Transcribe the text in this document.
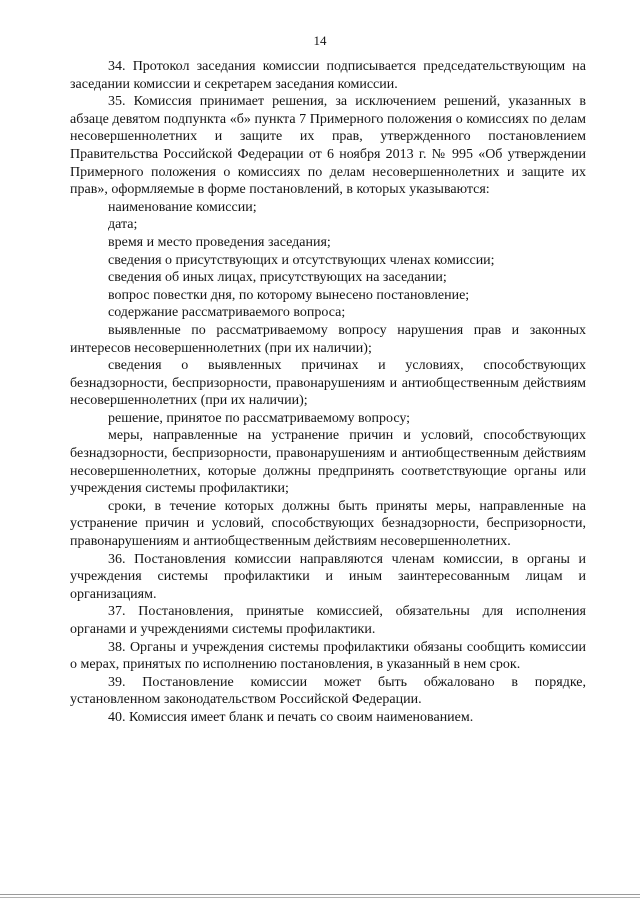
14

34. Протокол заседания комиссии подписывается председательствующим на заседании комиссии и секретарем заседания комиссии.

35. Комиссия принимает решения, за исключением решений, указанных в абзаце девятом подпункта «б» пункта 7 Примерного положения о комиссиях по делам несовершеннолетних и защите их прав, утвержденного постановлением Правительства Российской Федерации от 6 ноября 2013 г. № 995 «Об утверждении Примерного положения о комиссиях по делам несовершеннолетних и защите их прав», оформляемые в форме постановлений, в которых указываются:

наименование комиссии;

дата;

время и место проведения заседания;

сведения о присутствующих и отсутствующих членах комиссии;

сведения об иных лицах, присутствующих на заседании;

вопрос повестки дня, по которому вынесено постановление;

содержание рассматриваемого вопроса;

выявленные по рассматриваемому вопросу нарушения прав и законных интересов несовершеннолетних (при их наличии);

сведения о выявленных причинах и условиях, способствующих безнадзорности, беспризорности, правонарушениям и антиобщественным действиям несовершеннолетних (при их наличии);

решение, принятое по рассматриваемому вопросу;

меры, направленные на устранение причин и условий, способствующих безнадзорности, беспризорности, правонарушениям и антиобщественным действиям несовершеннолетних, которые должны предпринять соответствующие органы или учреждения системы профилактики;

сроки, в течение которых должны быть приняты меры, направленные на устранение причин и условий, способствующих безнадзорности, беспризорности, правонарушениям и антиобщественным действиям несовершеннолетних.

36. Постановления комиссии направляются членам комиссии, в органы и учреждения системы профилактики и иным заинтересованным лицам и организациям.

37. Постановления, принятые комиссией, обязательны для исполнения органами и учреждениями системы профилактики.

38. Органы и учреждения системы профилактики обязаны сообщить комиссии о мерах, принятых по исполнению постановления, в указанный в нем срок.

39. Постановление комиссии может быть обжаловано в порядке, установленном законодательством Российской Федерации.

40. Комиссия имеет бланк и печать со своим наименованием.
